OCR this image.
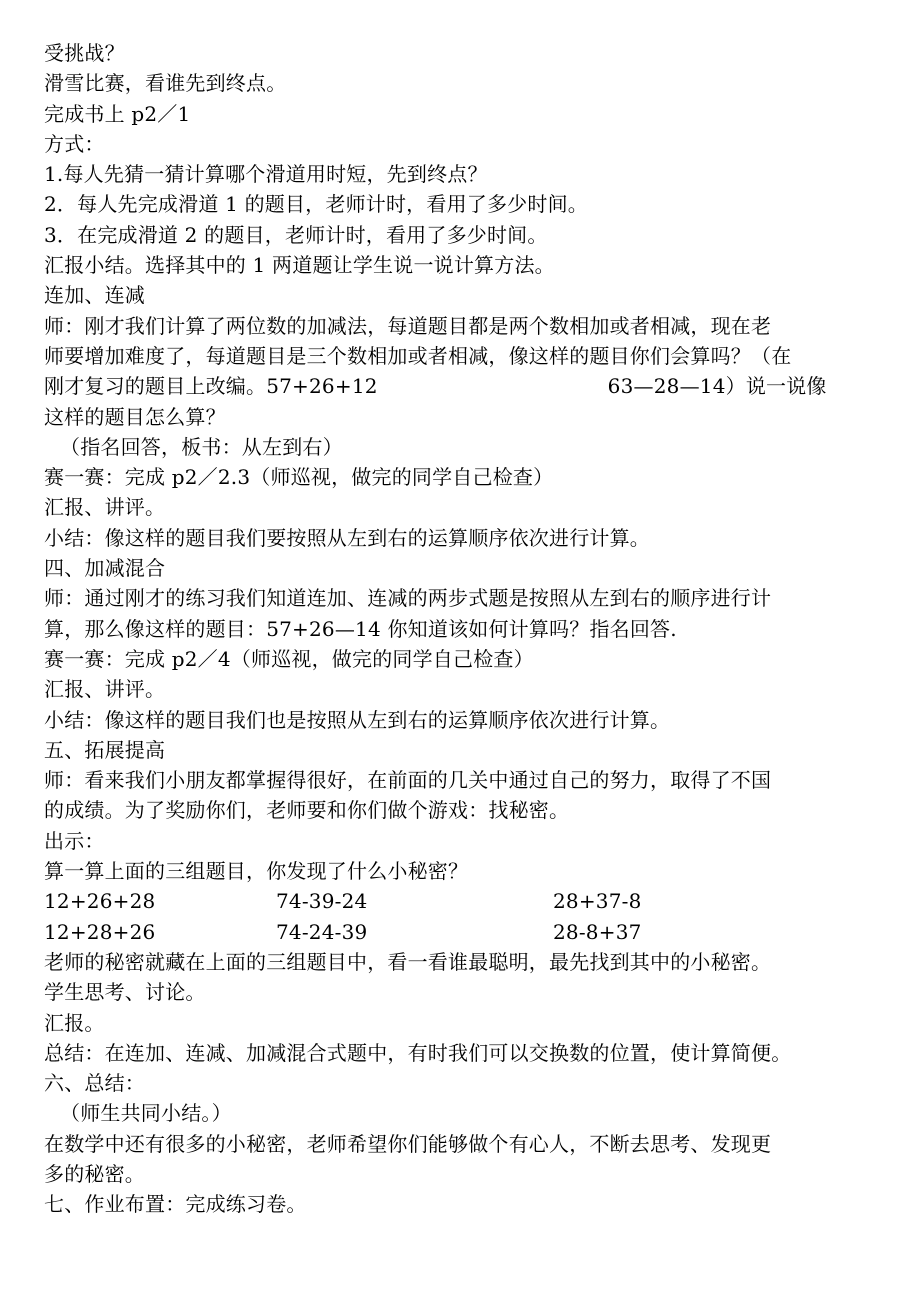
受挑战？
滑雪比赛，看谁先到终点。
完成书上 p2／1
方式：
1.每人先猜一猜计算哪个滑道用时短，先到终点？
2．每人先完成滑道 1 的题目，老师计时，看用了多少时间。
3．在完成滑道 2 的题目，老师计时，看用了多少时间。
汇报小结。选择其中的 1 两道题让学生说一说计算方法。
连加、连减
师：刚才我们计算了两位数的加减法，每道题目都是两个数相加或者相减，现在老
师要增加难度了，每道题目是三个数相加或者相减，像这样的题目你们会算吗？（在
刚才复习的题目上改编。57+26+12	63—28—14）说一说像
这样的题目怎么算？
（指名回答，板书：从左到右）
赛一赛：完成 p2／2.3（师巡视，做完的同学自己检查）
汇报、讲评。
小结：像这样的题目我们要按照从左到右的运算顺序依次进行计算。
四、加减混合
师：通过刚才的练习我们知道连加、连减的两步式题是按照从左到右的顺序进行计
算，那么像这样的题目：57+26—14 你知道该如何计算吗？指名回答.
赛一赛：完成 p2／4（师巡视，做完的同学自己检查）
汇报、讲评。
小结：像这样的题目我们也是按照从左到右的运算顺序依次进行计算。
五、拓展提高
师：看来我们小朋友都掌握得很好，在前面的几关中通过自己的努力，取得了不国
的成绩。为了奖励你们，老师要和你们做个游戏：找秘密。
出示：
算一算上面的三组题目，你发现了什么小秘密？
12+26+28	74-39-24	28+37-8
12+28+26	74-24-39	28-8+37
老师的秘密就藏在上面的三组题目中，看一看谁最聪明，最先找到其中的小秘密。
学生思考、讨论。
汇报。
总结：在连加、连减、加减混合式题中，有时我们可以交换数的位置，使计算简便。
六、总结：
（师生共同小结。）
在数学中还有很多的小秘密，老师希望你们能够做个有心人，不断去思考、发现更
多的秘密。
七、作业布置：完成练习卷。
